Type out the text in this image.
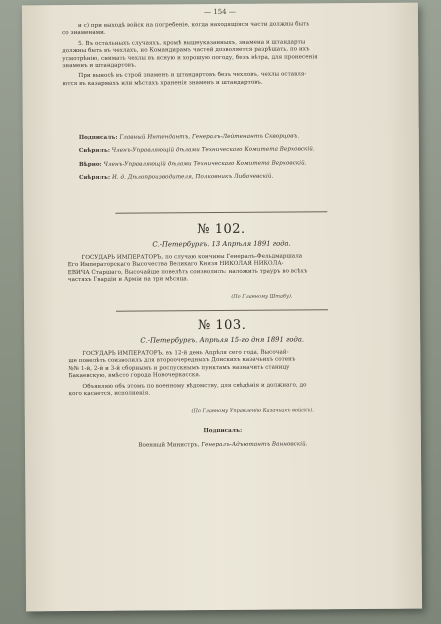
— 154 —

и с) при выходѣ войск на погребеніе, когда находящіяся части должны быть

со знаменами.

5. Въ остальныхъ случаяхъ, кромѣ вышеуказанныхъ, знамена и штандарты

должны быть въ чехлахъ, но Командирамъ частей дозволяется разрѣшать, по ихъ

усмотрѣнію, снимать чехлы въ ясную и хорошую погоду, безъ вѣтра, для пронесенія

знаменъ и штандартовъ.

При выносѣ въ строй знаменъ и штандартовъ безъ чехловъ, чехлы оставля-

ются въ казармахъ или мѣстахъ храненія знаменъ и штандартовъ.

Подписалъ: Главный Интендантъ, Генералъ-Лейтенантъ Скворцовъ.

Свѣрялъ: Членъ-Управляющій дѣлами Техническаго Комитета Верховскій.

Вѣрно: Членъ-Управляющій дѣлами Техническаго Комитета Верховскій.

Свѣрялъ: И. д. Дѣлопроизводителя, Полковникъ Либачевскій.

№ 102.
С.-Петербургъ. 13 Апрѣля 1891 года.

ГОСУДАРЬ ИМПЕРАТОРЪ, по случаю кончины Генералъ-Фельдмаршала

Его Императорскаго Высочества Великаго Князя НИКОЛАЯ НИКОЛА-

ЕВИЧА Старшаго, Высочайше повелѣть соизволилъ: наложить трауръ во всѣхъ

частяхъ Гвардіи и Арміи на три мѣсяца.

(По Главному Штабу).
№ 103.
С.-Петербургъ. Апрѣля 15-го дня 1891 года.

ГОСУДАРЬ ИМПЕРАТОРЪ, въ 12-й день Апрѣля сего года, Высочай-

ше повелѣть соизволилъ для второочередныхъ Донскихъ казачьихъ сотенъ

№№ 1-й, 2-й и 3-й сборнымъ и роспускнымъ пунктамъ назначить станицу

Бакаевскую, вмѣсто города Новочеркасска.

Объявляю объ этомъ по военному вѣдомству, для свѣдѣнія и должнаго, до

кого касается, исполненія.

(По Главному Управленію Казачьихъ войскъ).
Подписалъ:
Военный Министръ, Генералъ-Адъютантъ Ванновскій.
